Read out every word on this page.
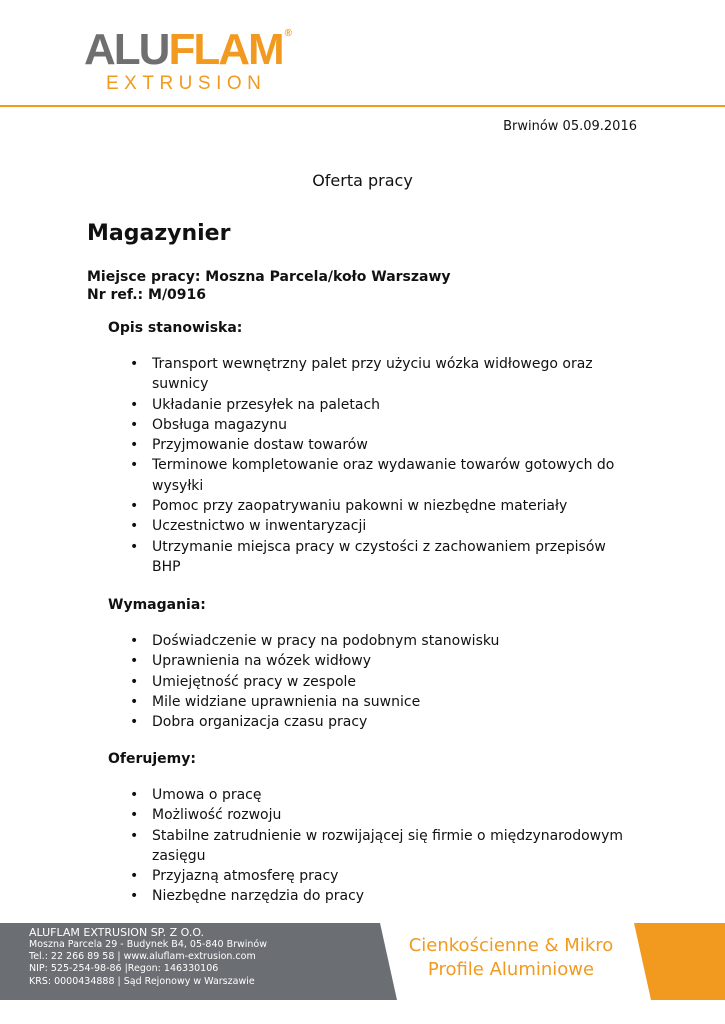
ALU FLAM ®
EXTRUSION
Brwinów 05.09.2016
Oferta pracy
Magazynier
Miejsce pracy: Moszna Parcela/koło Warszawy
Nr ref.: M/0916
Opis stanowiska:
• Transport wewnętrzny palet przy użyciu wózka widłowego oraz suwnicy
• Układanie przesyłek na paletach
• Obsługa magazynu
• Przyjmowanie dostaw towarów
• Terminowe kompletowanie oraz wydawanie towarów gotowych do wysyłki
• Pomoc przy zaopatrywaniu pakowni w niezbędne materiały
• Uczestnictwo w inwentaryzacji
• Utrzymanie miejsca pracy w czystości z zachowaniem przepisów BHP
Wymagania:
• Doświadczenie w pracy na podobnym stanowisku
• Uprawnienia na wózek widłowy
• Umiejętność pracy w zespole
• Mile widziane uprawnienia na suwnice
• Dobra organizacja czasu pracy
Oferujemy:
• Umowa o pracę
• Możliwość rozwoju
• Stabilne zatrudnienie w rozwijającej się firmie o międzynarodowym zasięgu
• Przyjazną atmosferę pracy
• Niezbędne narzędzia do pracy
ALUFLAM EXTRUSION SP. Z O.O.
Moszna Parcela 29 - Budynek B4, 05-840 Brwinów
Tel.: 22 266 89 58 | www.aluflam-extrusion.com
NIP: 525-254-98-86 |Regon: 146330106
KRS: 0000434888 | Sąd Rejonowy w Warszawie
Cienkościenne & Mikro
Profile Aluminiowe
